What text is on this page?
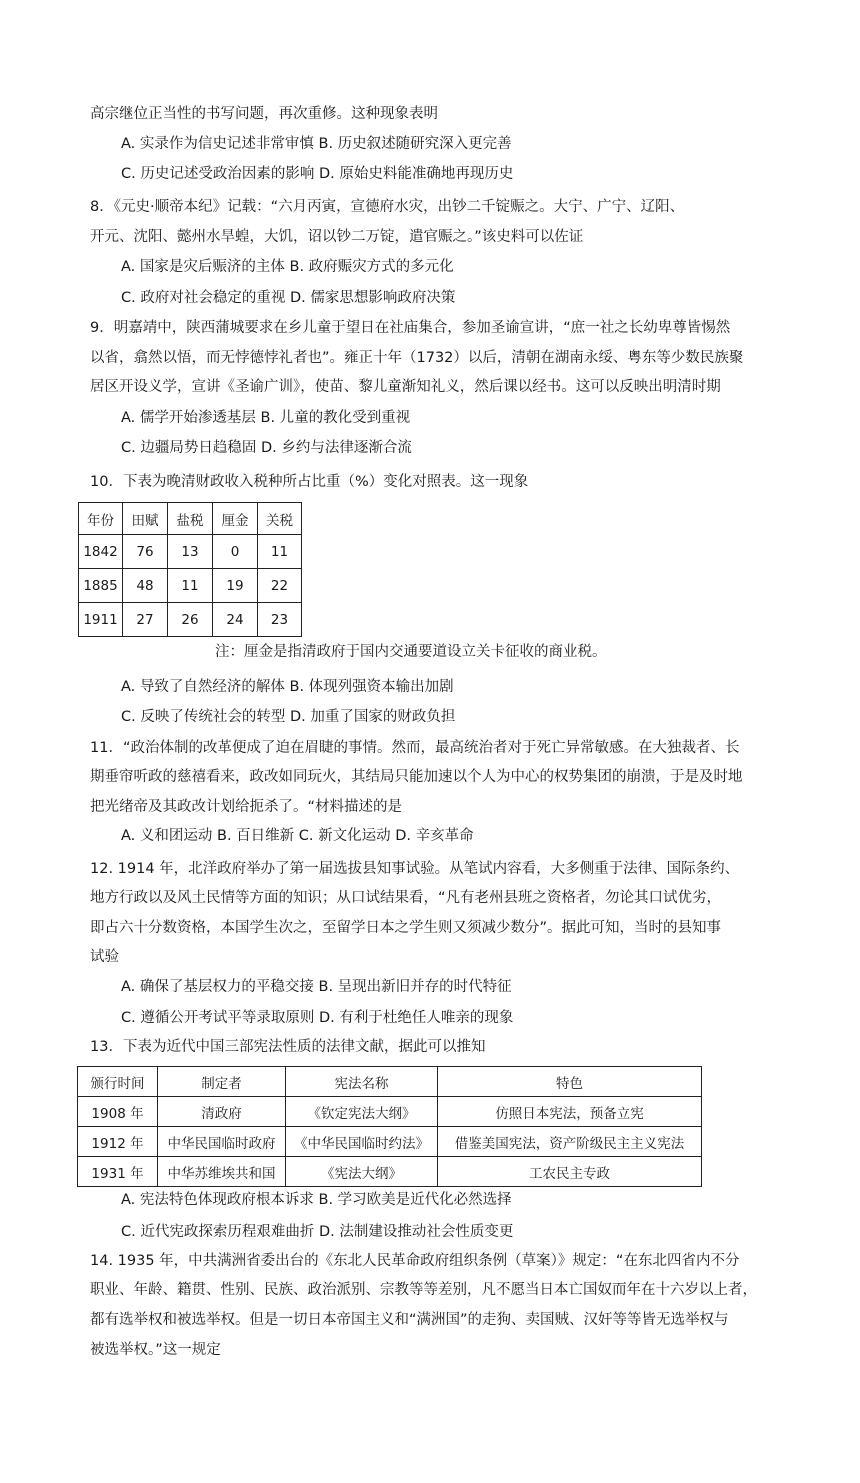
高宗继位正当性的书写问题，再次重修。这种现象表明
A. 实录作为信史记述非常审慎 B. 历史叙述随研究深入更完善
C. 历史记述受政治因素的影响 D. 原始史料能准确地再现历史
8．《元史·顺帝本纪》记载：“六月丙寅，宣德府水灾，出钞二千锭赈之。大宁、广宁、辽阳、
开元、沈阳、懿州水旱蝗，大饥，诏以钞二万锭，遣官赈之。”该史料可以佐证
A. 国家是灾后赈济的主体 B. 政府赈灾方式的多元化
C. 政府对社会稳定的重视 D. 儒家思想影响政府决策
9．明嘉靖中，陕西蒲城要求在乡儿童于望日在社庙集合，参加圣谕宣讲，“庶一社之长幼卑尊皆惕然
以省，翕然以悟，而无悖德悖礼者也”。雍正十年（1732）以后，清朝在湖南永绥、粤东等少数民族聚
居区开设义学，宣讲《圣谕广训》，使苗、黎儿童渐知礼义，然后课以经书。这可以反映出明清时期
A. 儒学开始渗透基层 B. 儿童的教化受到重视
C. 边疆局势日趋稳固 D. 乡约与法律逐渐合流
10．下表为晚清财政收入税种所占比重（%）变化对照表。这一现象
年份	田赋	盐税	厘金	关税
1842	76	13	0	11
1885	48	11	19	22
1911	27	26	24	23
注：厘金是指清政府于国内交通要道设立关卡征收的商业税。
A. 导致了自然经济的解体 B. 体现列强资本输出加剧
C. 反映了传统社会的转型 D. 加重了国家的财政负担
11．“政治体制的改革便成了迫在眉睫的事情。然而，最高统治者对于死亡异常敏感。在大独裁者、长
期垂帘听政的慈禧看来，政改如同玩火，其结局只能加速以个人为中心的权势集团的崩溃，于是及时地
把光绪帝及其政改计划给扼杀了。“材料描述的是
A. 义和团运动 B. 百日维新 C. 新文化运动 D. 辛亥革命
12. 1914 年，北洋政府举办了第一届选拔县知事试验。从笔试内容看，大多侧重于法律、国际条约、
地方行政以及风土民情等方面的知识；从口试结果看，“凡有老州县班之资格者，勿论其口试优劣，
即占六十分数资格，本国学生次之，至留学日本之学生则又须减少数分”。据此可知，当时的县知事
试验
A. 确保了基层权力的平稳交接 B. 呈现出新旧并存的时代特征
C. 遵循公开考试平等录取原则 D. 有利于杜绝任人唯亲的现象
13．下表为近代中国三部宪法性质的法律文献，据此可以推知
颁行时间	制定者	宪法名称	特色
1908 年	清政府	《钦定宪法大纲》	仿照日本宪法，预备立宪
1912 年	中华民国临时政府	《中华民国临时约法》	借鉴美国宪法，资产阶级民主主义宪法
1931 年	中华苏维埃共和国	《宪法大纲》	工农民主专政
A. 宪法特色体现政府根本诉求 B. 学习欧美是近代化必然选择
C. 近代宪政探索历程艰难曲折 D. 法制建设推动社会性质变更
14. 1935 年，中共满洲省委出台的《东北人民革命政府组织条例（草案）》规定：“在东北四省内不分
职业、年龄、籍贯、性别、民族、政治派别、宗教等等差别，凡不愿当日本亡国奴而年在十六岁以上者，
都有选举权和被选举权。但是一切日本帝国主义和“满洲国”的走狗、卖国贼、汉奸等等皆无选举权与
被选举权。”这一规定
